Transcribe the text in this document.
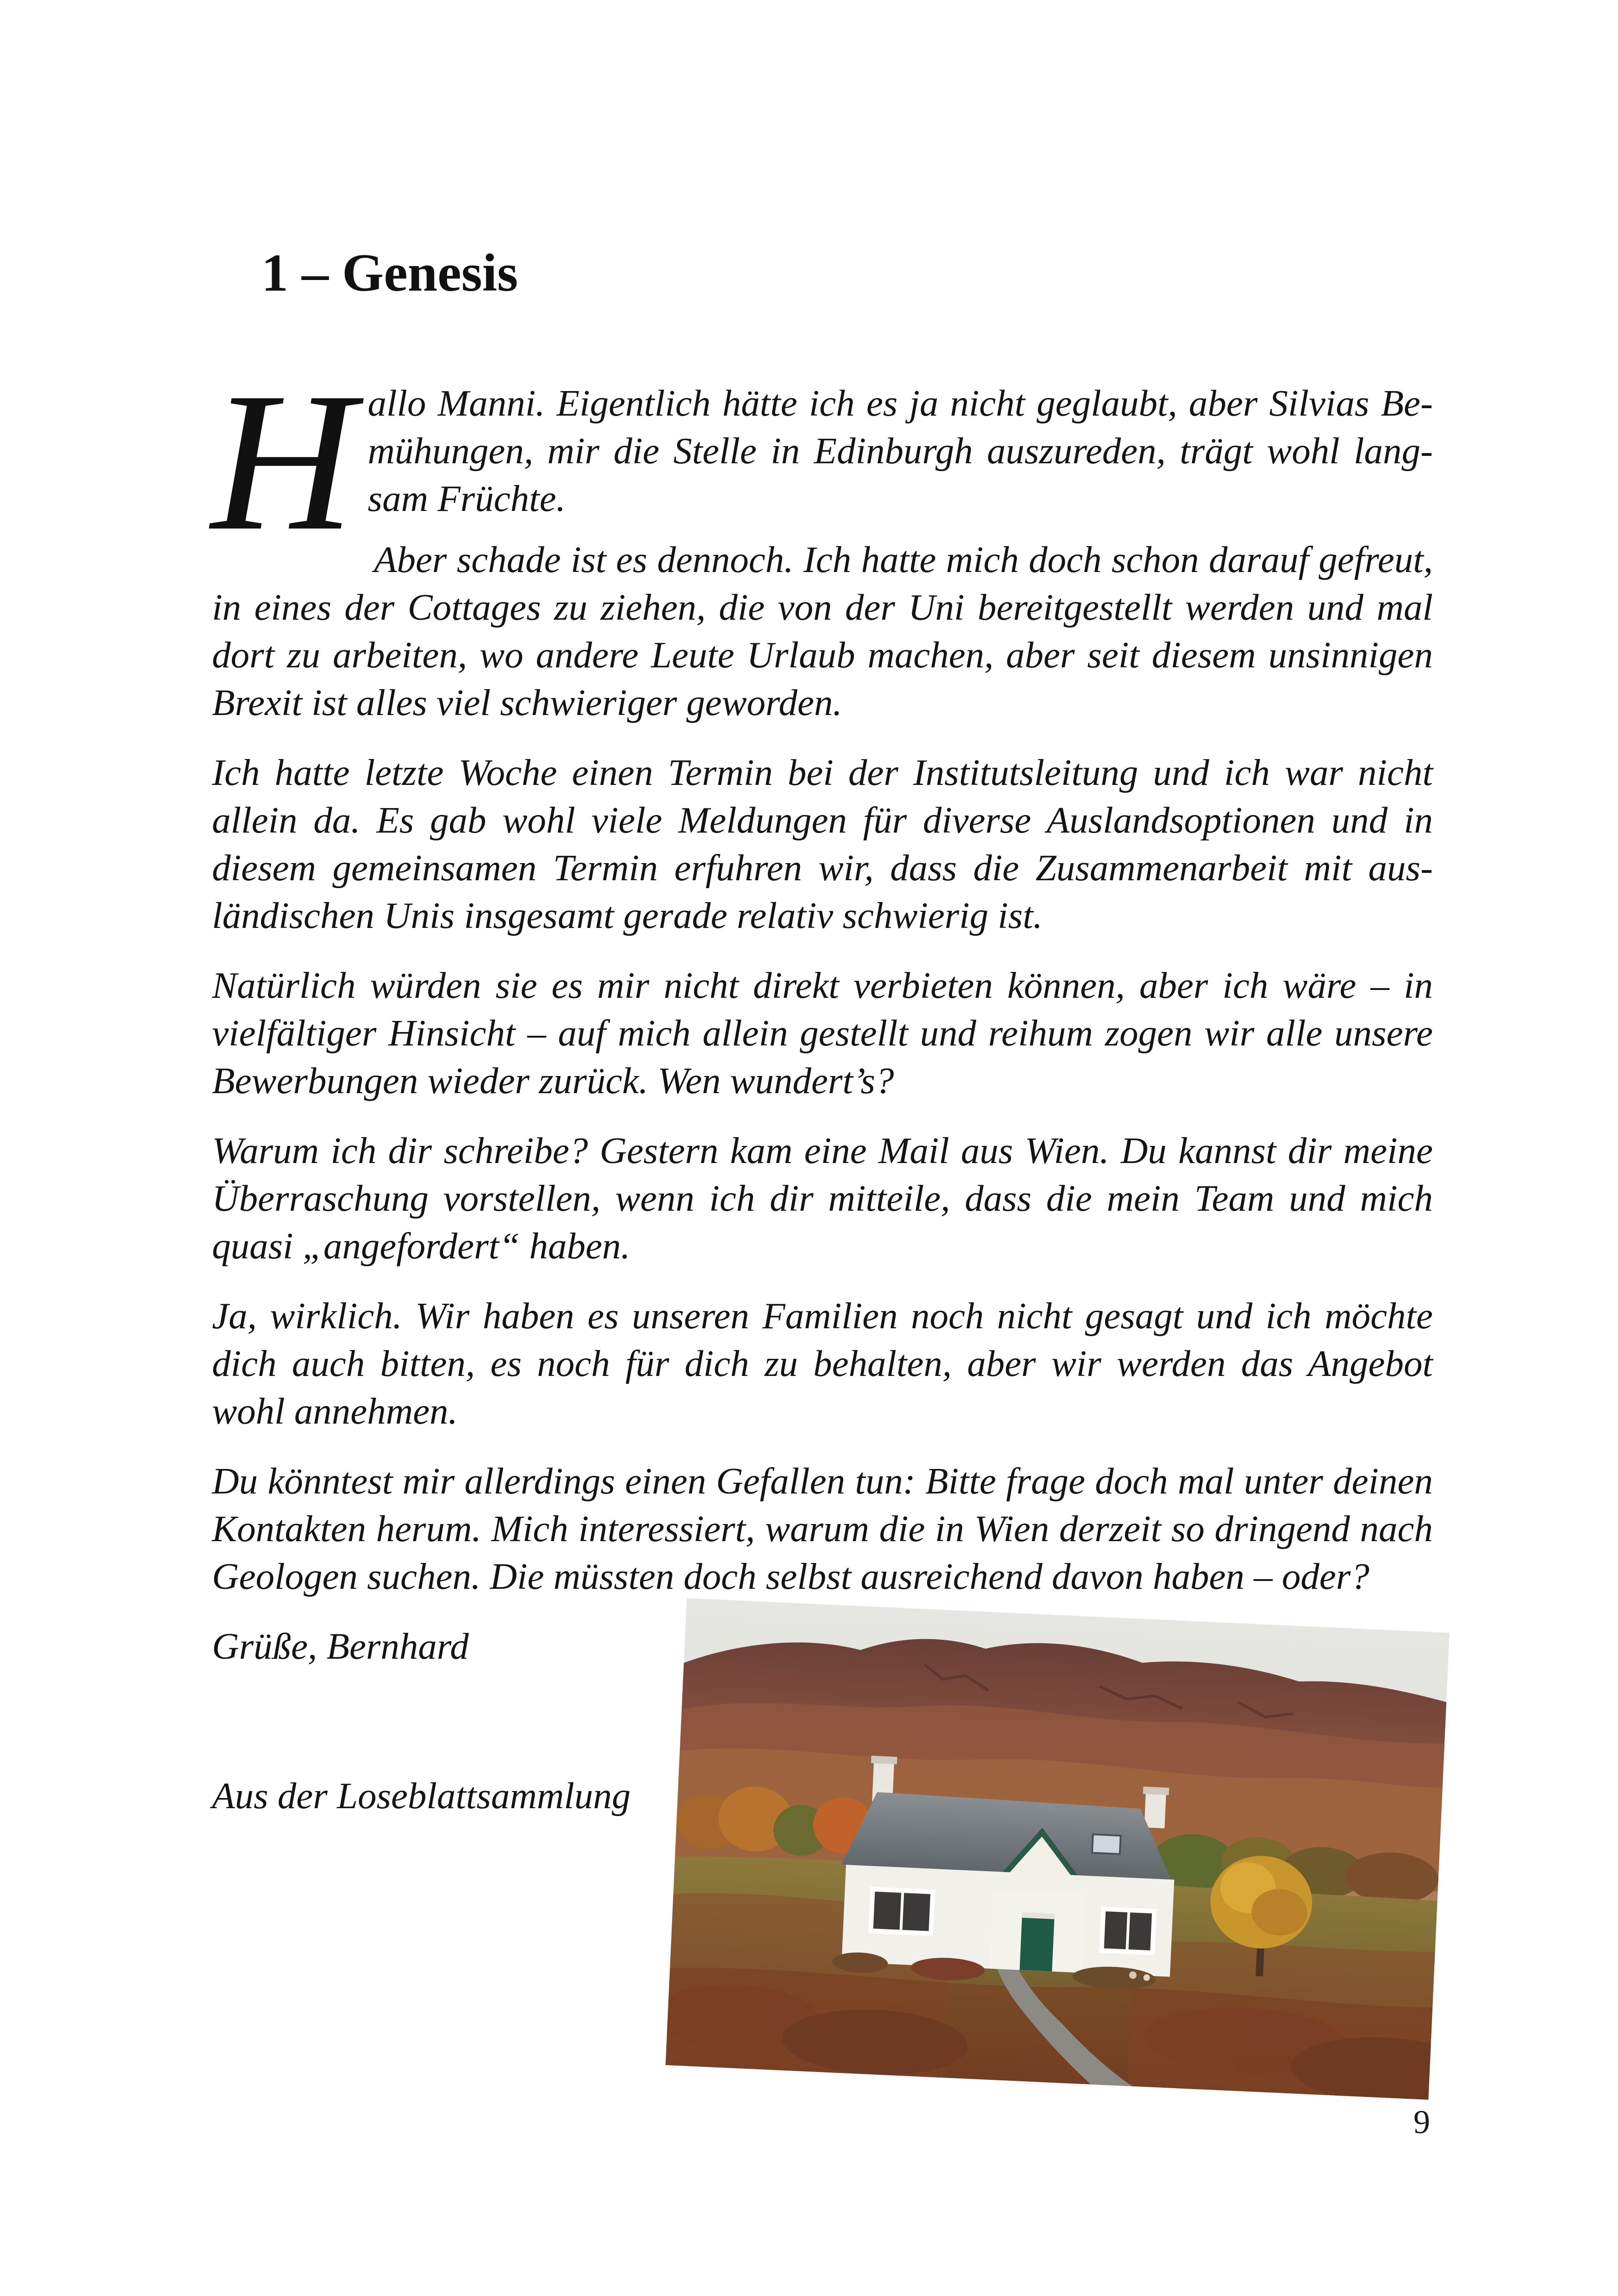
1 – Genesis

Hallo Manni. Eigentlich hätte ich es ja nicht geglaubt, aber Silvias Bemühungen, mir die Stelle in Edinburgh auszureden, trägt wohl langsam Früchte.

Aber schade ist es dennoch. Ich hatte mich doch schon darauf gefreut, in eines der Cottages zu ziehen, die von der Uni bereitgestellt werden und mal dort zu arbeiten, wo andere Leute Urlaub machen, aber seit diesem unsinnigen Brexit ist alles viel schwieriger geworden.

Ich hatte letzte Woche einen Termin bei der Institutsleitung und ich war nicht allein da. Es gab wohl viele Meldungen für diverse Auslandsoptionen und in diesem gemeinsamen Termin erfuhren wir, dass die Zusammenarbeit mit ausländischen Unis insgesamt gerade relativ schwierig ist.

Natürlich würden sie es mir nicht direkt verbieten können, aber ich wäre – in vielfältiger Hinsicht – auf mich allein gestellt und reihum zogen wir alle unsere Bewerbungen wieder zurück. Wen wundert’s?

Warum ich dir schreibe? Gestern kam eine Mail aus Wien. Du kannst dir meine Überraschung vorstellen, wenn ich dir mitteile, dass die mein Team und mich quasi „angefordert“ haben.

Ja, wirklich. Wir haben es unseren Familien noch nicht gesagt und ich möchte dich auch bitten, es noch für dich zu behalten, aber wir werden das Angebot wohl annehmen.

Du könntest mir allerdings einen Gefallen tun: Bitte frage doch mal unter deinen Kontakten herum. Mich interessiert, warum die in Wien derzeit so dringend nach Geologen suchen. Die müssten doch selbst ausreichend davon haben – oder?

Grüße, Bernhard

Aus der Loseblattsammlung

9
